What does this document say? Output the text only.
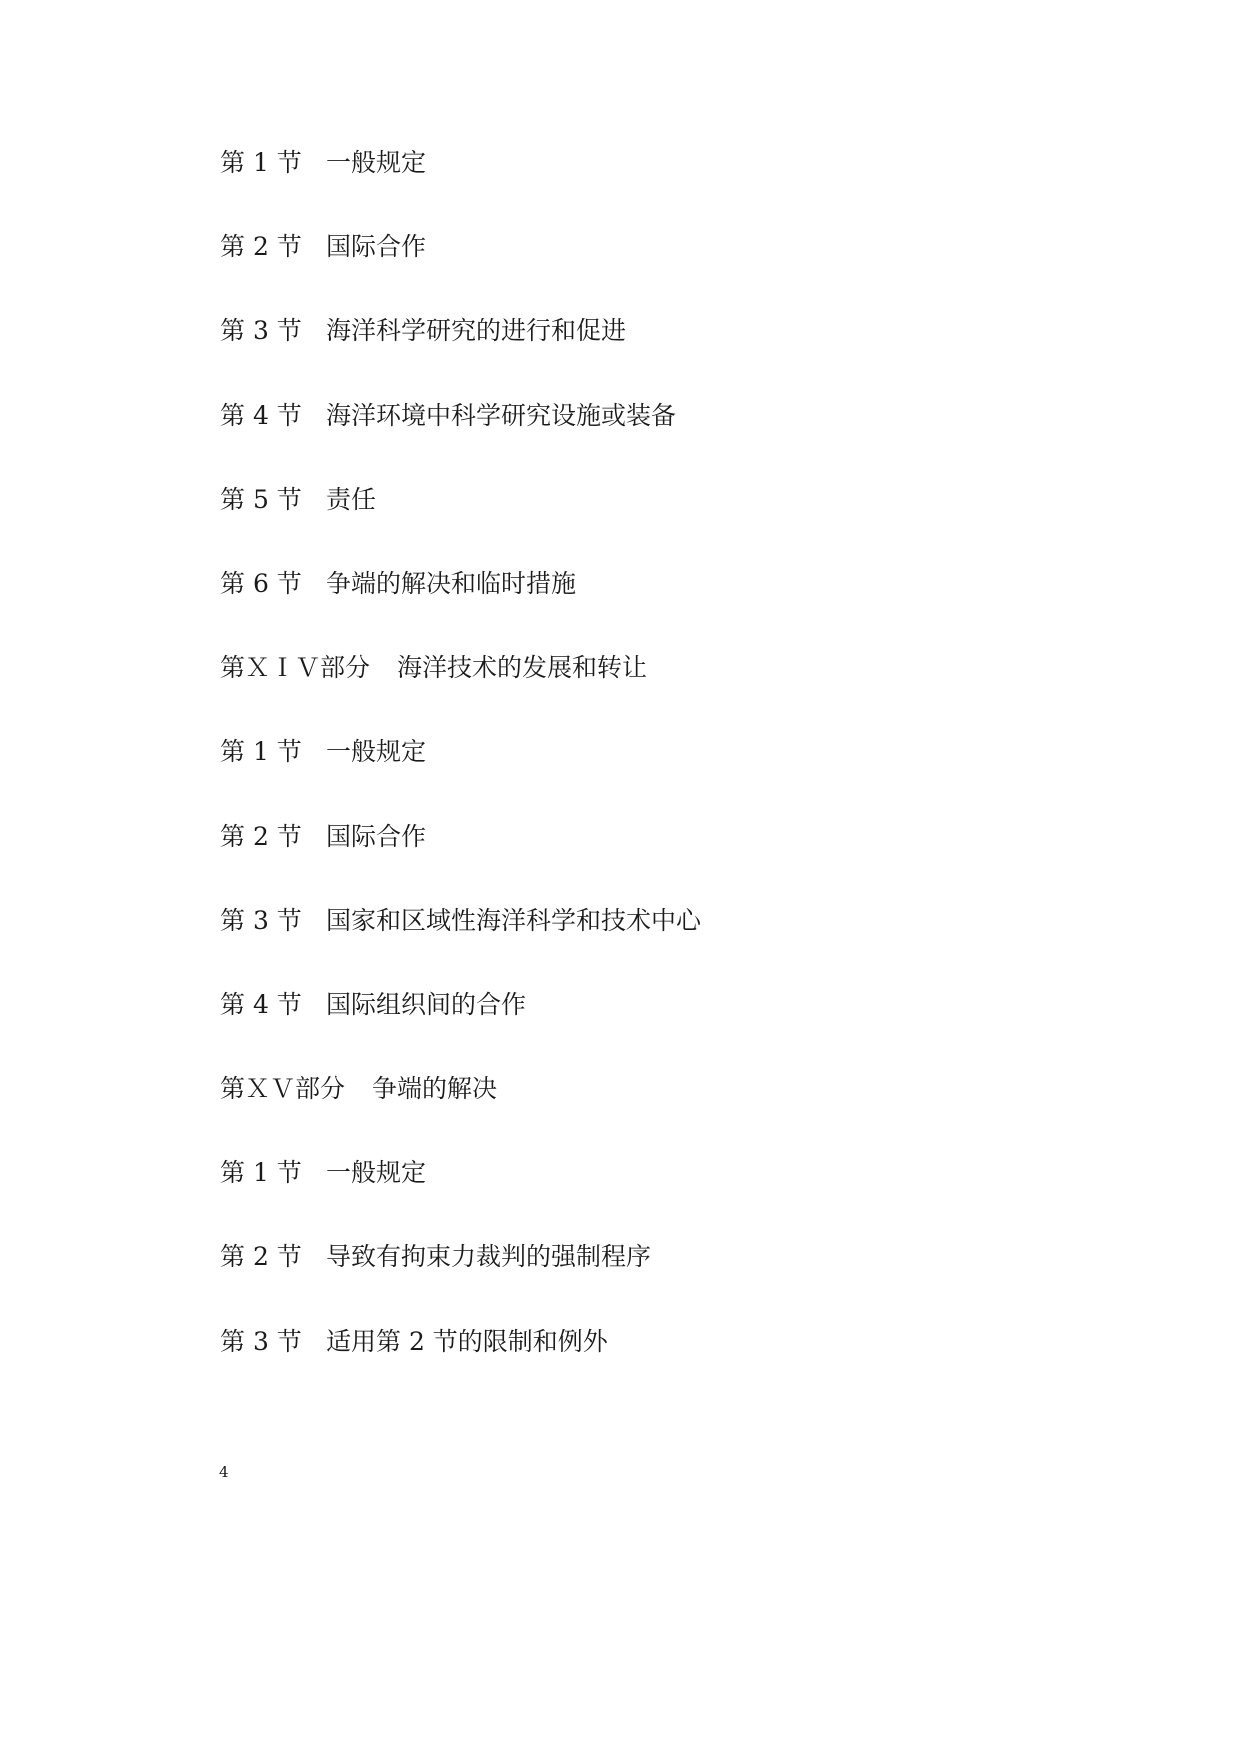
第 1 节 一般规定
第 2 节 国际合作
第 3 节 海洋科学研究的进行和促进
第 4 节 海洋环境中科学研究设施或装备
第 5 节 责任
第 6 节 争端的解决和临时措施
第ＸＩＶ部分 海洋技术的发展和转让
第 1 节 一般规定
第 2 节 国际合作
第 3 节 国家和区域性海洋科学和技术中心
第 4 节 国际组织间的合作
第ＸＶ部分 争端的解决
第 1 节 一般规定
第 2 节 导致有拘束力裁判的强制程序
第 3 节 适用第 2 节的限制和例外
4
